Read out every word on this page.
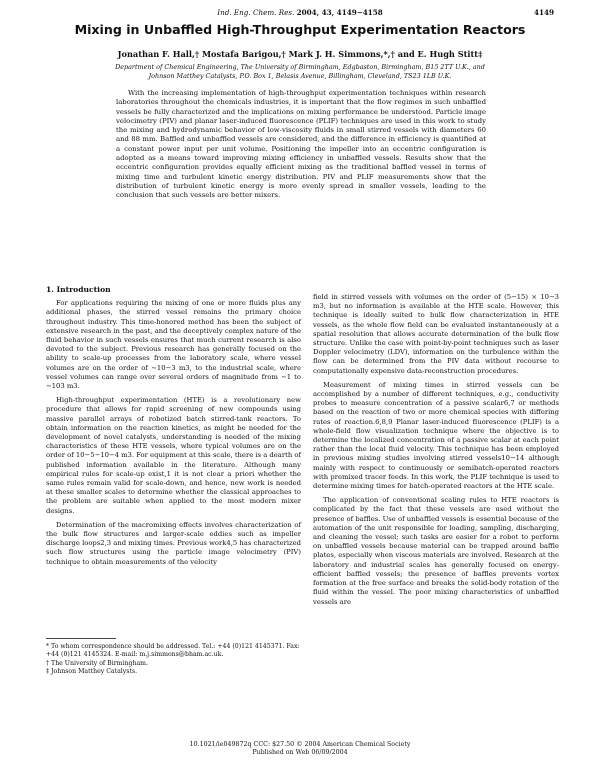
Ind. Eng. Chem. Res. 2004, 43, 4149−4158	4149
Mixing in Unbaffled High-Throughput Experimentation Reactors
Jonathan F. Hall,† Mostafa Barigou,† Mark J. H. Simmons,*,† and E. Hugh Stitt‡
Department of Chemical Engineering, The University of Birmingham, Edgbaston, Birmingham, B15 2TT U.K., and Johnson Matthey Catalysts, P.O. Box 1, Belasis Avenue, Billingham, Cleveland, TS23 1LB U.K.

With the increasing implementation of high-throughput experimentation techniques within research laboratories throughout the chemicals industries, it is important that the flow regimes in such unbaffled vessels be fully characterized and the implications on mixing performance be understood. Particle image velocimetry (PIV) and planar laser-induced fluorescence (PLIF) techniques are used in this work to study the mixing and hydrodynamic behavior of low-viscosity fluids in small stirred vessels with diameters 60 and 88 mm. Baffled and unbaffled vessels are considered, and the difference in efficiency is quantified at a constant power input per unit volume. Positioning the impeller into an eccentric configuration is adopted as a means toward improving mixing efficiency in unbaffled vessels. Results show that the eccentric configuration provides equally efficient mixing as the traditional baffled vessel in terms of mixing time and turbulent kinetic energy distribution. PIV and PLIF measurements show that the distribution of turbulent kinetic energy is more evenly spread in smaller vessels, leading to the conclusion that such vessels are better mixers.

1. Introduction

For applications requiring the mixing of one or more fluids plus any additional phases, the stirred vessel remains the primary choice throughout industry. This time-honored method has been the subject of extensive research in the past, and the deceptively complex nature of the fluid behavior in such vessels ensures that much current research is also devoted to the subject. Previous research has generally focused on the ability to scale-up processes from the laboratory scale, where vessel volumes are on the order of ∼10−3 m3, to the industrial scale, where vessel volumes can range over several orders of magnitude from ∼1 to ∼103 m3.

High-throughput experimentation (HTE) is a revolutionary new procedure that allows for rapid screening of new compounds using massive parallel arrays of robotized batch stirred-tank reactors. To obtain information on the reaction kinetics, as might be needed for the development of novel catalysts, understanding is needed of the mixing characteristics of these HTE vessels, where typical volumes are on the order of 10−5−10−4 m3. For equipment at this scale, there is a dearth of published information available in the literature. Although many empirical rules for scale-up exist,1 it is not clear a priori whether the same rules remain valid for scale-down, and hence, new work is needed at these smaller scales to determine whether the classical approaches to the problem are suitable when applied to the most modern mixer designs.

Determination of the macromixing effects involves characterization of the bulk flow structures and larger-scale eddies such as impeller discharge loops2,3 and mixing times. Previous work4,5 has characterized such flow structures using the particle image velocimetry (PIV) technique to obtain measurements of the velocity

field in stirred vessels with volumes on the order of (5−15) × 10−3 m3, but no information is available at the HTE scale. However, this technique is ideally suited to bulk flow characterization in HTE vessels, as the whole flow field can be evaluated instantaneously at a spatial resolution that allows accurate determination of the bulk flow structure. Unlike the case with point-by-point techniques such as laser Doppler velocimetry (LDV), information on the turbulence within the flow can be determined from the PIV data without recourse to computationally expensive data-reconstruction procedures.

Measurement of mixing times in stirred vessels can be accomplished by a number of different techniques, e.g., conductivity probes to measure concentration of a passive scalar6,7 or methods based on the reaction of two or more chemical species with differing rates of reaction.6,8,9 Planar laser-induced fluorescence (PLIF) is a whole-field flow visualization technique where the objective is to determine the localized concentration of a passive scalar at each point rather than the local fluid velocity. This technique has been employed in previous mixing studies involving stirred vessels10−14 although mainly with respect to continuously or semibatch-operated reactors with premixed tracer feeds. In this work, the PLIF technique is used to determine mixing times for batch-operated reactors at the HTE scale.

The application of conventional scaling rules to HTE reactors is complicated by the fact that these vessels are used without the presence of baffles. Use of unbaffled vessels is essential because of the automation of the unit responsible for loading, sampling, discharging, and cleaning the vessel; such tasks are easier for a robot to perform on unbaffled vessels because material can be trapped around baffle plates, especially when viscous materials are involved. Research at the laboratory and industrial scales has generally focused on energy-efficient baffled vessels; the presence of baffles prevents vortex formation at the free surface and breaks the solid-body rotation of the fluid within the vessel. The poor mixing characteristics of unbaffled vessels are

* To whom correspondence should be addressed. Tel.: +44 (0)121 4145371. Fax: +44 (0)121 4145324. E-mail: m.j.simmons@bham.ac.uk.
† The University of Birmingham.
‡ Johnson Matthey Catalysts.
10.1021/ie049872q CCC: $27.50 © 2004 American Chemical Society
Published on Web 06/09/2004
